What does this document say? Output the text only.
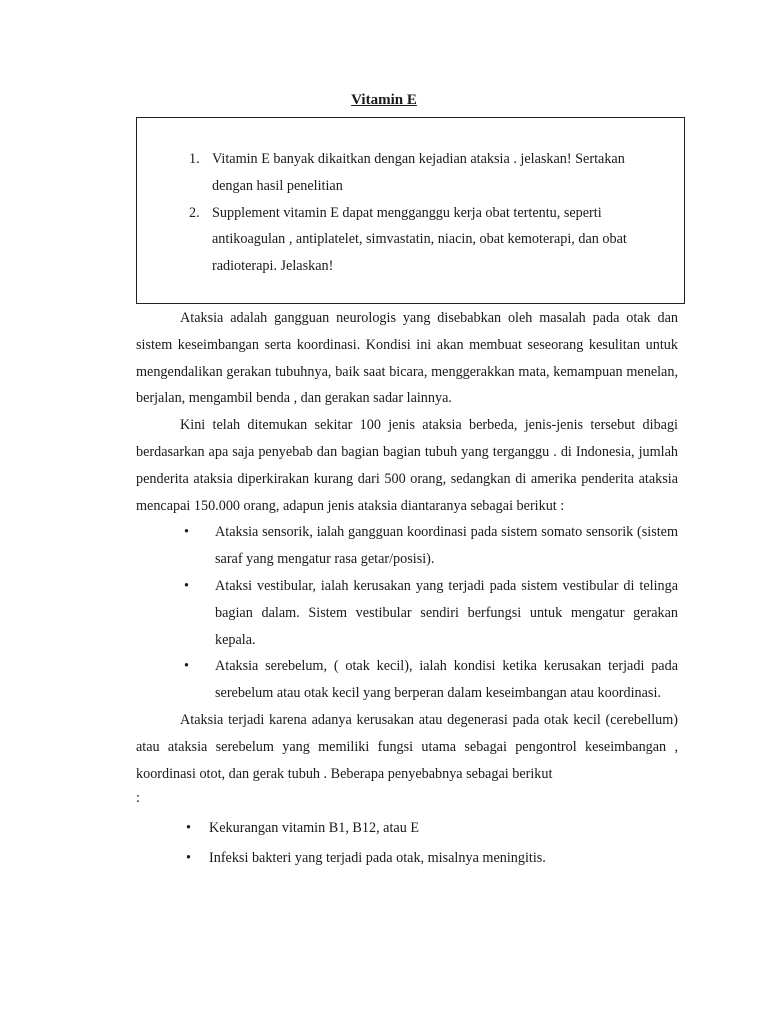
Vitamin E
1. Vitamin E banyak dikaitkan dengan kejadian ataksia . jelaskan! Sertakan dengan hasil penelitian
2. Supplement vitamin E dapat mengganggu kerja obat tertentu, seperti antikoagulan , antiplatelet, simvastatin, niacin, obat kemoterapi, dan obat radioterapi. Jelaskan!

Ataksia adalah gangguan neurologis yang disebabkan oleh masalah pada otak dan sistem keseimbangan serta koordinasi. Kondisi ini akan membuat seseorang kesulitan untuk mengendalikan gerakan tubuhnya, baik saat bicara, menggerakkan mata, kemampuan menelan, berjalan, mengambil benda , dan gerakan sadar lainnya.

Kini telah ditemukan sekitar 100 jenis ataksia berbeda, jenis-jenis tersebut dibagi berdasarkan apa saja penyebab dan bagian bagian tubuh yang terganggu . di Indonesia, jumlah penderita ataksia diperkirakan kurang dari 500 orang, sedangkan di amerika penderita ataksia mencapai 150.000 orang, adapun jenis ataksia diantaranya sebagai berikut :

• Ataksia sensorik, ialah gangguan koordinasi pada sistem somato sensorik (sistem saraf yang mengatur rasa getar/posisi).
• Ataksi vestibular, ialah kerusakan yang terjadi pada sistem vestibular di telinga bagian dalam. Sistem vestibular sendiri berfungsi untuk mengatur gerakan kepala.
• Ataksia serebelum, ( otak kecil), ialah kondisi ketika kerusakan terjadi pada serebelum atau otak kecil yang berperan dalam keseimbangan atau koordinasi.

Ataksia terjadi karena adanya kerusakan atau degenerasi pada otak kecil (cerebellum) atau ataksia serebelum yang memiliki fungsi utama sebagai pengontrol keseimbangan , koordinasi otot, dan gerak tubuh . Beberapa penyebabnya sebagai berikut

:
• Kekurangan vitamin B1, B12, atau E
• Infeksi bakteri yang terjadi pada otak, misalnya meningitis.
